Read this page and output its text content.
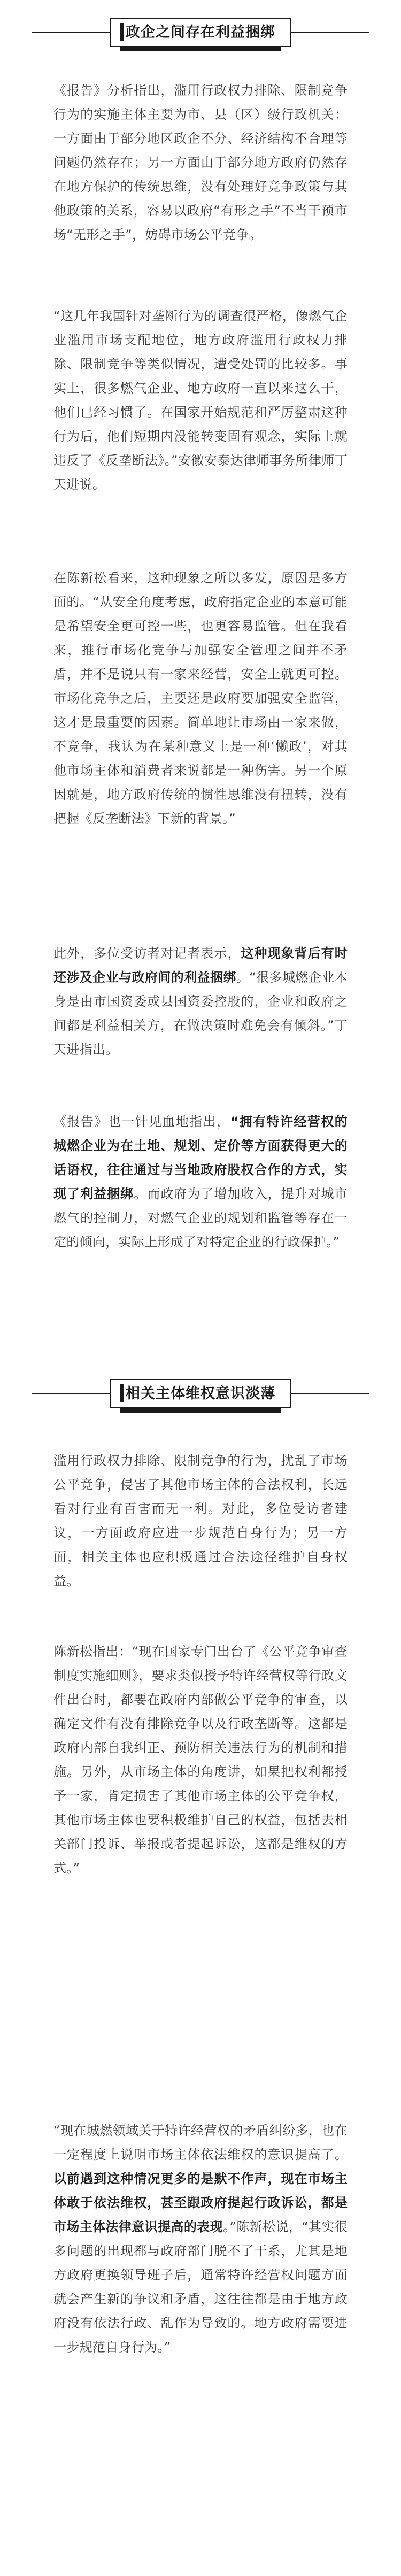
政企之间存在利益捆绑

《报告》分析指出，滥用行政权力排除、限制竞争行为的实施主体主要为市、县（区）级行政机关：一方面由于部分地区政企不分、经济结构不合理等问题仍然存在；另一方面由于部分地方政府仍然存在地方保护的传统思维，没有处理好竞争政策与其他政策的关系，容易以政府“有形之手”不当干预市场“无形之手”，妨碍市场公平竞争。

“这几年我国针对垄断行为的调查很严格，像燃气企业滥用市场支配地位，地方政府滥用行政权力排除、限制竞争等类似情况，遭受处罚的比较多。事实上，很多燃气企业、地方政府一直以来这么干，他们已经习惯了。在国家开始规范和严厉整肃这种行为后，他们短期内没能转变固有观念，实际上就违反了《反垄断法》。”安徽安泰达律师事务所律师丁天进说。

在陈新松看来，这种现象之所以多发，原因是多方面的。“从安全角度考虑，政府指定企业的本意可能是希望安全更可控一些，也更容易监管。但在我看来，推行市场化竞争与加强安全管理之间并不矛盾，并不是说只有一家来经营，安全上就更可控。市场化竞争之后，主要还是政府要加强安全监管，这才是最重要的因素。简单地让市场由一家来做，不竞争，我认为在某种意义上是一种‘懒政’，对其他市场主体和消费者来说都是一种伤害。另一个原因就是，地方政府传统的惯性思维没有扭转，没有把握《反垄断法》下新的背景。”

此外，多位受访者对记者表示，这种现象背后有时还涉及企业与政府间的利益捆绑。“很多城燃企业本身是由市国资委或县国资委控股的，企业和政府之间都是利益相关方，在做决策时难免会有倾斜。”丁天进指出。

《报告》也一针见血地指出，“拥有特许经营权的城燃企业为在土地、规划、定价等方面获得更大的话语权，往往通过与当地政府股权合作的方式，实现了利益捆绑。而政府为了增加收入，提升对城市燃气的控制力，对燃气企业的规划和监管等存在一定的倾向，实际上形成了对特定企业的行政保护。”

相关主体维权意识淡薄

滥用行政权力排除、限制竞争的行为，扰乱了市场公平竞争，侵害了其他市场主体的合法权利，长远看对行业有百害而无一利。对此，多位受访者建议，一方面政府应进一步规范自身行为；另一方面，相关主体也应积极通过合法途径维护自身权益。

陈新松指出：“现在国家专门出台了《公平竞争审查制度实施细则》，要求类似授予特许经营权等行政文件出台时，都要在政府内部做公平竞争的审查，以确定文件有没有排除竞争以及行政垄断等。这都是政府内部自我纠正、预防相关违法行为的机制和措施。另外，从市场主体的角度讲，如果把权利都授予一家，肯定损害了其他市场主体的公平竞争权，其他市场主体也要积极维护自己的权益，包括去相关部门投诉、举报或者提起诉讼，这都是维权的方式。”

“现在城燃领域关于特许经营权的矛盾纠纷多，也在一定程度上说明市场主体依法维权的意识提高了。以前遇到这种情况更多的是默不作声，现在市场主体敢于依法维权，甚至跟政府提起行政诉讼，都是市场主体法律意识提高的表现。”陈新松说，“其实很多问题的出现都与政府部门脱不了干系，尤其是地方政府更换领导班子后，通常特许经营权问题方面就会产生新的争议和矛盾，这往往都是由于地方政府没有依法行政、乱作为导致的。地方政府需要进一步规范自身行为。”
